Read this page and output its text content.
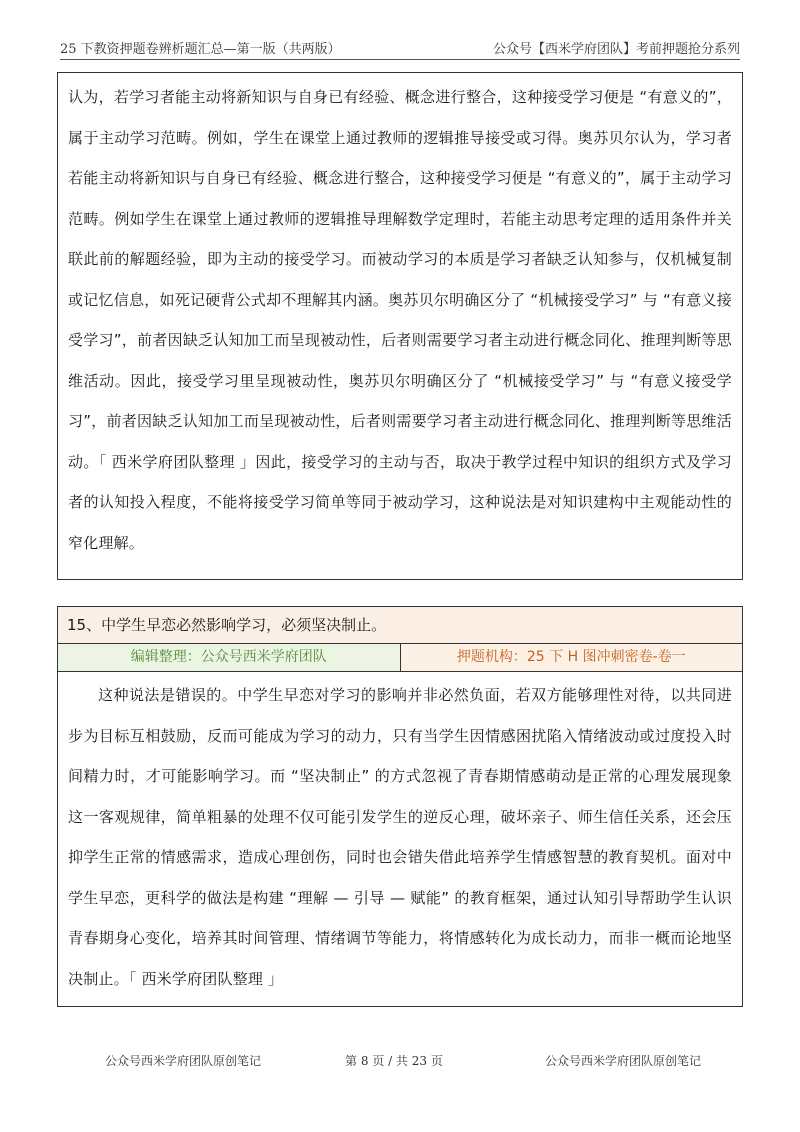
25 下教资押题卷辨析题汇总—第一版（共两版）	公众号【西米学府团队】考前押题抢分系列

认为，若学习者能主动将新知识与自身已有经验、概念进行整合，这种接受学习便是 “有意义的”，属于主动学习范畴。例如，学生在课堂上通过教师的逻辑推导接受或习得。奥苏贝尔认为，学习者若能主动将新知识与自身已有经验、概念进行整合，这种接受学习便是 “有意义的”，属于主动学习范畴。例如学生在课堂上通过教师的逻辑推导理解数学定理时，若能主动思考定理的适用条件并关联此前的解题经验，即为主动的接受学习。而被动学习的本质是学习者缺乏认知参与，仅机械复制或记忆信息，如死记硬背公式却不理解其内涵。奥苏贝尔明确区分了 “机械接受学习” 与 “有意义接受学习”，前者因缺乏认知加工而呈现被动性，后者则需要学习者主动进行概念同化、推理判断等思维活动。因此，接受学习里呈现被动性，奥苏贝尔明确区分了 “机械接受学习” 与 “有意义接受学习”，前者因缺乏认知加工而呈现被动性，后者则需要学习者主动进行概念同化、推理判断等思维活动。「 西米学府团队整理 」因此，接受学习的主动与否，取决于教学过程中知识的组织方式及学习者的认知投入程度，不能将接受学习简单等同于被动学习，这种说法是对知识建构中主观能动性的窄化理解。

15、中学生早恋必然影响学习，必须坚决制止。
编辑整理：公众号西米学府团队	押题机构：25 下 H 图冲刺密卷-卷一

这种说法是错误的。中学生早恋对学习的影响并非必然负面，若双方能够理性对待，以共同进步为目标互相鼓励，反而可能成为学习的动力，只有当学生因情感困扰陷入情绪波动或过度投入时间精力时，才可能影响学习。而 “坚决制止” 的方式忽视了青春期情感萌动是正常的心理发展现象这一客观规律，简单粗暴的处理不仅可能引发学生的逆反心理，破坏亲子、师生信任关系，还会压抑学生正常的情感需求，造成心理创伤，同时也会错失借此培养学生情感智慧的教育契机。面对中学生早恋，更科学的做法是构建 “理解 — 引导 — 赋能” 的教育框架，通过认知引导帮助学生认识青春期身心变化，培养其时间管理、情绪调节等能力，将情感转化为成长动力，而非一概而论地坚决制止。「 西米学府团队整理 」

公众号西米学府团队原创笔记	第 8 页 / 共 23 页	公众号西米学府团队原创笔记
